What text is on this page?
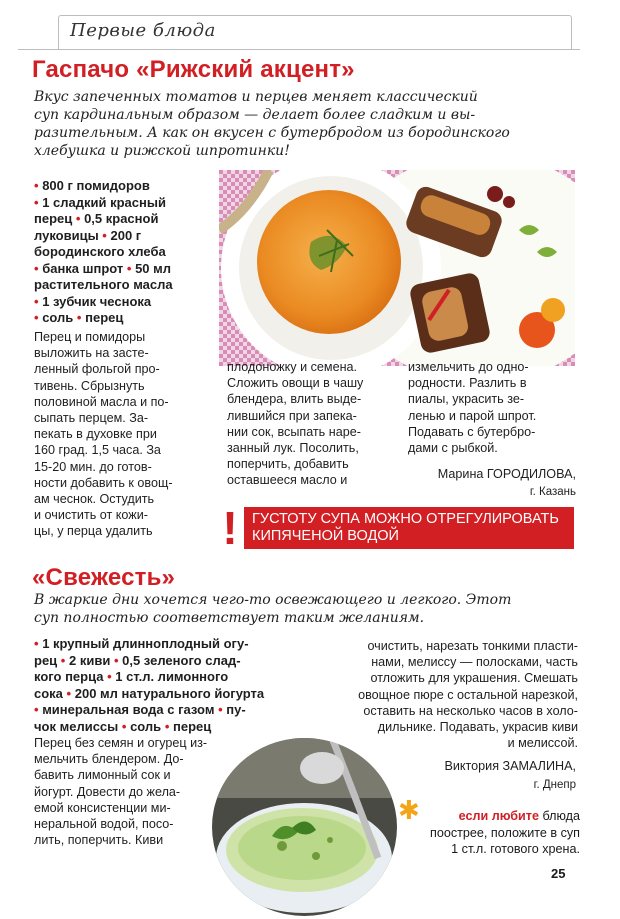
Первые блюда
Гаспачо «Рижский акцент»
Вкус запеченных томатов и перцев меняет классический
суп кардинальным образом — делает более сладким и вы-
разительным. А как он вкусен с бутербродом из бородинского
хлебушка и рижской шпротинки!
• 800 г помидоров
• 1 сладкий красный
перец • 0,5 красной
луковицы • 200 г
бородинского хлеба
• банка шпрот • 50 мл
растительного масла
• 1 зубчик чеснока
• соль • перец
Перец и помидоры
выложить на засте-
ленный фольгой про-
тивень. Сбрызнуть
половиной масла и по-
сыпать перцем. За-
пекать в духовке при
160 град. 1,5 часа. За
15-20 мин. до готов-
ности добавить к овощ-
ам чеснок. Остудить
и очистить от кожи-
цы, у перца удалить
плодоножку и семена.
Сложить овощи в чашу
блендера, влить выде-
лившийся при запека-
нии сок, всыпать наре-
занный лук. Посолить,
поперчить, добавить
оставшееся масло и
измельчить до одно-
родности. Разлить в
пиалы, украсить зе-
ленью и парой шпрот.
Подавать с бутербро-
дами с рыбкой.
Марина ГОРОДИЛОВА,
г. Казань
! ГУСТОТУ СУПА МОЖНО ОТРЕГУЛИРОВАТЬ
КИПЯЧЕНОЙ ВОДОЙ
«Свежесть»
В жаркие дни хочется чего-то освежающего и легкого. Этот
суп полностью соответствует таким желаниям.
• 1 крупный длинноплодный огу-
рец • 2 киви • 0,5 зеленого слад-
кого перца • 1 ст.л. лимонного
сока • 200 мл натурального йогурта
• минеральная вода с газом • пу-
чок мелиссы • соль • перец
Перец без семян и огурец из-
мельчить блендером. До-
бавить лимонный сок и
йогурт. Довести до жела-
емой консистенции ми-
неральной водой, посо-
лить, поперчить. Киви
очистить, нарезать тонкими пласти-
нами, мелиссу — полосками, часть
отложить для украшения. Смешать
овощное пюре с остальной нарезкой,
оставить на несколько часов в холо-
дильнике. Подавать, украсив киви
и мелиссой.
Виктория ЗАМАЛИНА,
г. Днепр
✱	если любите блюда
поострее, положите в суп
1 ст.л. готового хрена.
25
